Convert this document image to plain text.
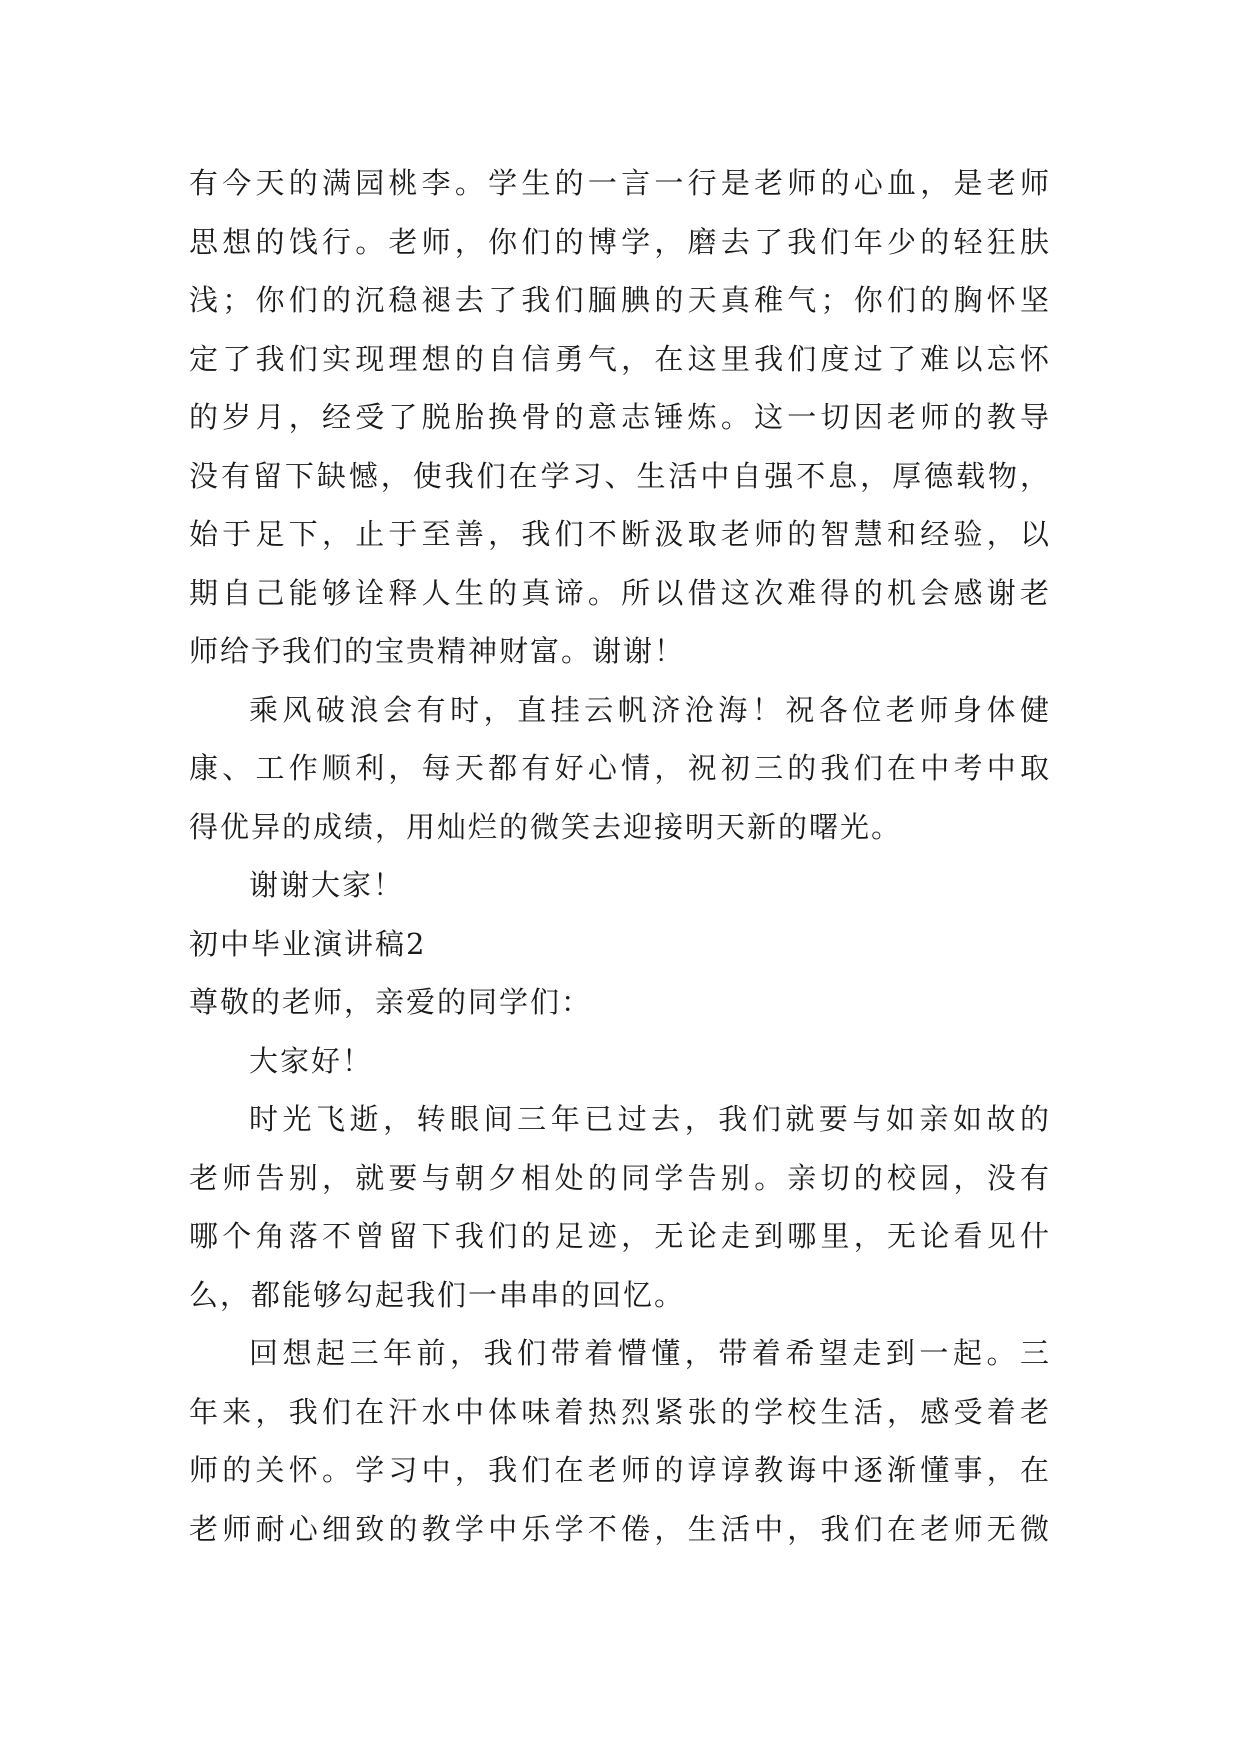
有今天的满园桃李。学生的一言一行是老师的心血，是老师
思想的饯行。老师，你们的博学，磨去了我们年少的轻狂肤
浅；你们的沉稳褪去了我们腼腆的天真稚气；你们的胸怀坚
定了我们实现理想的自信勇气，在这里我们度过了难以忘怀
的岁月，经受了脱胎换骨的意志锤炼。这一切因老师的教导
没有留下缺憾，使我们在学习、生活中自强不息，厚德载物，
始于足下，止于至善，我们不断汲取老师的智慧和经验，以
期自己能够诠释人生的真谛。所以借这次难得的机会感谢老
师给予我们的宝贵精神财富。谢谢！
乘风破浪会有时，直挂云帆济沧海！祝各位老师身体健
康、工作顺利，每天都有好心情，祝初三的我们在中考中取
得优异的成绩，用灿烂的微笑去迎接明天新的曙光。
谢谢大家！
初中毕业演讲稿2
尊敬的老师，亲爱的同学们：
大家好！
时光飞逝，转眼间三年已过去，我们就要与如亲如故的
老师告别，就要与朝夕相处的同学告别。亲切的校园，没有
哪个角落不曾留下我们的足迹，无论走到哪里，无论看见什
么，都能够勾起我们一串串的回忆。
回想起三年前，我们带着懵懂，带着希望走到一起。三
年来，我们在汗水中体味着热烈紧张的学校生活，感受着老
师的关怀。学习中，我们在老师的谆谆教诲中逐渐懂事，在
老师耐心细致的教学中乐学不倦，生活中，我们在老师无微
